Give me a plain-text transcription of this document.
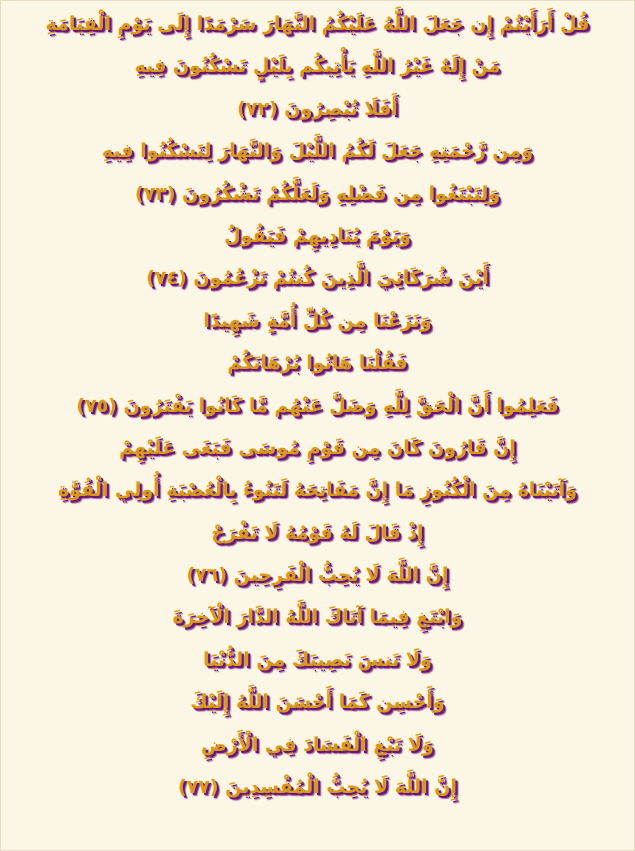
قُلْ أَرَأَيْتُمْ إِن جَعَلَ اللَّهُ عَلَيْكُمُ النَّهَارَ سَرْمَدًا إِلَى يَوْمِ الْقِيَامَةِ
مَنْ إِلَهٌ غَيْرُ اللَّهِ يَأْتِيكُم بِلَيْلٍ تَسْكُنُونَ فِيهِ
أَفَلَا تُبْصِرُونَ (٧٢)
وَمِن رَّحْمَتِهِ جَعَلَ لَكُمُ اللَّيْلَ وَالنَّهَارَ لِتَسْكُنُوا فِيهِ
وَلِتَبْتَغُوا مِن فَضْلِهِ وَلَعَلَّكُمْ تَشْكُرُونَ (٧٣)
وَيَوْمَ يُنَادِيهِمْ فَيَقُولُ
أَيْنَ شُرَكَائِيَ الَّذِينَ كُنتُمْ تَزْعُمُونَ (٧٤)
وَنَزَعْنَا مِن كُلِّ أُمَّةٍ شَهِيدًا
فَقُلْنَا هَاتُوا بُرْهَانَكُمْ
فَعَلِمُوا أَنَّ الْحَقَّ لِلَّهِ وَضَلَّ عَنْهُم مَّا كَانُوا يَفْتَرُونَ (٧٥)
إِنَّ قَارُونَ كَانَ مِن قَوْمِ مُوسَى فَبَغَى عَلَيْهِمْ
وَآتَيْنَاهُ مِنَ الْكُنُوزِ مَا إِنَّ مَفَاتِحَهُ لَتَنُوءُ بِالْعُصْبَةِ أُولِي الْقُوَّةِ
إِذْ قَالَ لَهُ قَوْمُهُ لَا تَفْرَحْ
إِنَّ اللَّهَ لَا يُحِبُّ الْفَرِحِينَ (٧٦)
وَابْتَغِ فِيمَا آتَاكَ اللَّهُ الدَّارَ الْآخِرَةَ
وَلَا تَنسَ نَصِيبَكَ مِنَ الدُّنْيَا
وَأَحْسِن كَمَا أَحْسَنَ اللَّهُ إِلَيْكَ
وَلَا تَبْغِ الْفَسَادَ فِي الْأَرْضِ
إِنَّ اللَّهَ لَا يُحِبُّ الْمُفْسِدِينَ (٧٧)
